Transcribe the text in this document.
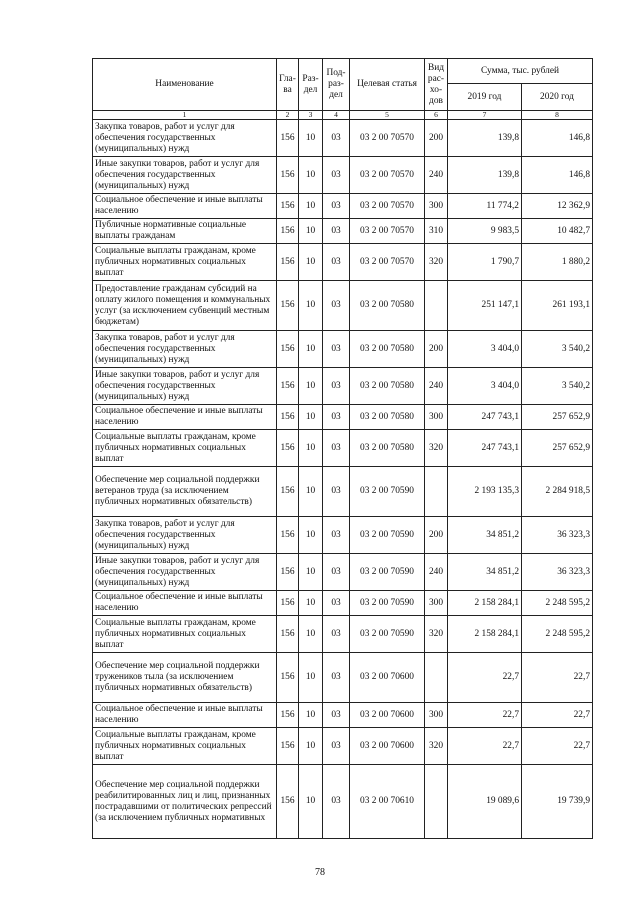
Наименование	Гла-ва	Раз-дел	Под-раз-дел	Целевая статья	Вид рас-хо-дов	Сумма, тыс. рублей	
						2019 год	2020 год
1	2	3	4	5	6	7	8
Закупка товаров, работ и услуг для обеспечения государственных (муниципальных) нужд	156	10	03	03 2 00 70570	200	139,8	146,8
Иные закупки товаров, работ и услуг для обеспечения государственных (муниципальных) нужд	156	10	03	03 2 00 70570	240	139,8	146,8
Социальное обеспечение и иные выплаты населению	156	10	03	03 2 00 70570	300	11 774,2	12 362,9
Публичные нормативные социальные выплаты гражданам	156	10	03	03 2 00 70570	310	9 983,5	10 482,7
Социальные выплаты гражданам, кроме публичных нормативных социальных выплат	156	10	03	03 2 00 70570	320	1 790,7	1 880,2
Предоставление гражданам субсидий на оплату жилого помещения и коммунальных услуг (за исключением субвенций местным бюджетам)	156	10	03	03 2 00 70580		251 147,1	261 193,1
Закупка товаров, работ и услуг для обеспечения государственных (муниципальных) нужд	156	10	03	03 2 00 70580	200	3 404,0	3 540,2
Иные закупки товаров, работ и услуг для обеспечения государственных (муниципальных) нужд	156	10	03	03 2 00 70580	240	3 404,0	3 540,2
Социальное обеспечение и иные выплаты населению	156	10	03	03 2 00 70580	300	247 743,1	257 652,9
Социальные выплаты гражданам, кроме публичных нормативных социальных выплат	156	10	03	03 2 00 70580	320	247 743,1	257 652,9
Обеспечение мер социальной поддержки ветеранов труда (за исключением публичных нормативных обязательств)	156	10	03	03 2 00 70590		2 193 135,3	2 284 918,5
Закупка товаров, работ и услуг для обеспечения государственных (муниципальных) нужд	156	10	03	03 2 00 70590	200	34 851,2	36 323,3
Иные закупки товаров, работ и услуг для обеспечения государственных (муниципальных) нужд	156	10	03	03 2 00 70590	240	34 851,2	36 323,3
Социальное обеспечение и иные выплаты населению	156	10	03	03 2 00 70590	300	2 158 284,1	2 248 595,2
Социальные выплаты гражданам, кроме публичных нормативных социальных выплат	156	10	03	03 2 00 70590	320	2 158 284,1	2 248 595,2
Обеспечение мер социальной поддержки тружеников тыла (за исключением публичных нормативных обязательств)	156	10	03	03 2 00 70600		22,7	22,7
Социальное обеспечение и иные выплаты населению	156	10	03	03 2 00 70600	300	22,7	22,7
Социальные выплаты гражданам, кроме публичных нормативных социальных выплат	156	10	03	03 2 00 70600	320	22,7	22,7
Обеспечение мер социальной поддержки реабилитированных лиц и лиц, признанных пострадавшими от политических репрессий (за исключением публичных нормативных	156	10	03	03 2 00 70610		19 089,6	19 739,9
78
